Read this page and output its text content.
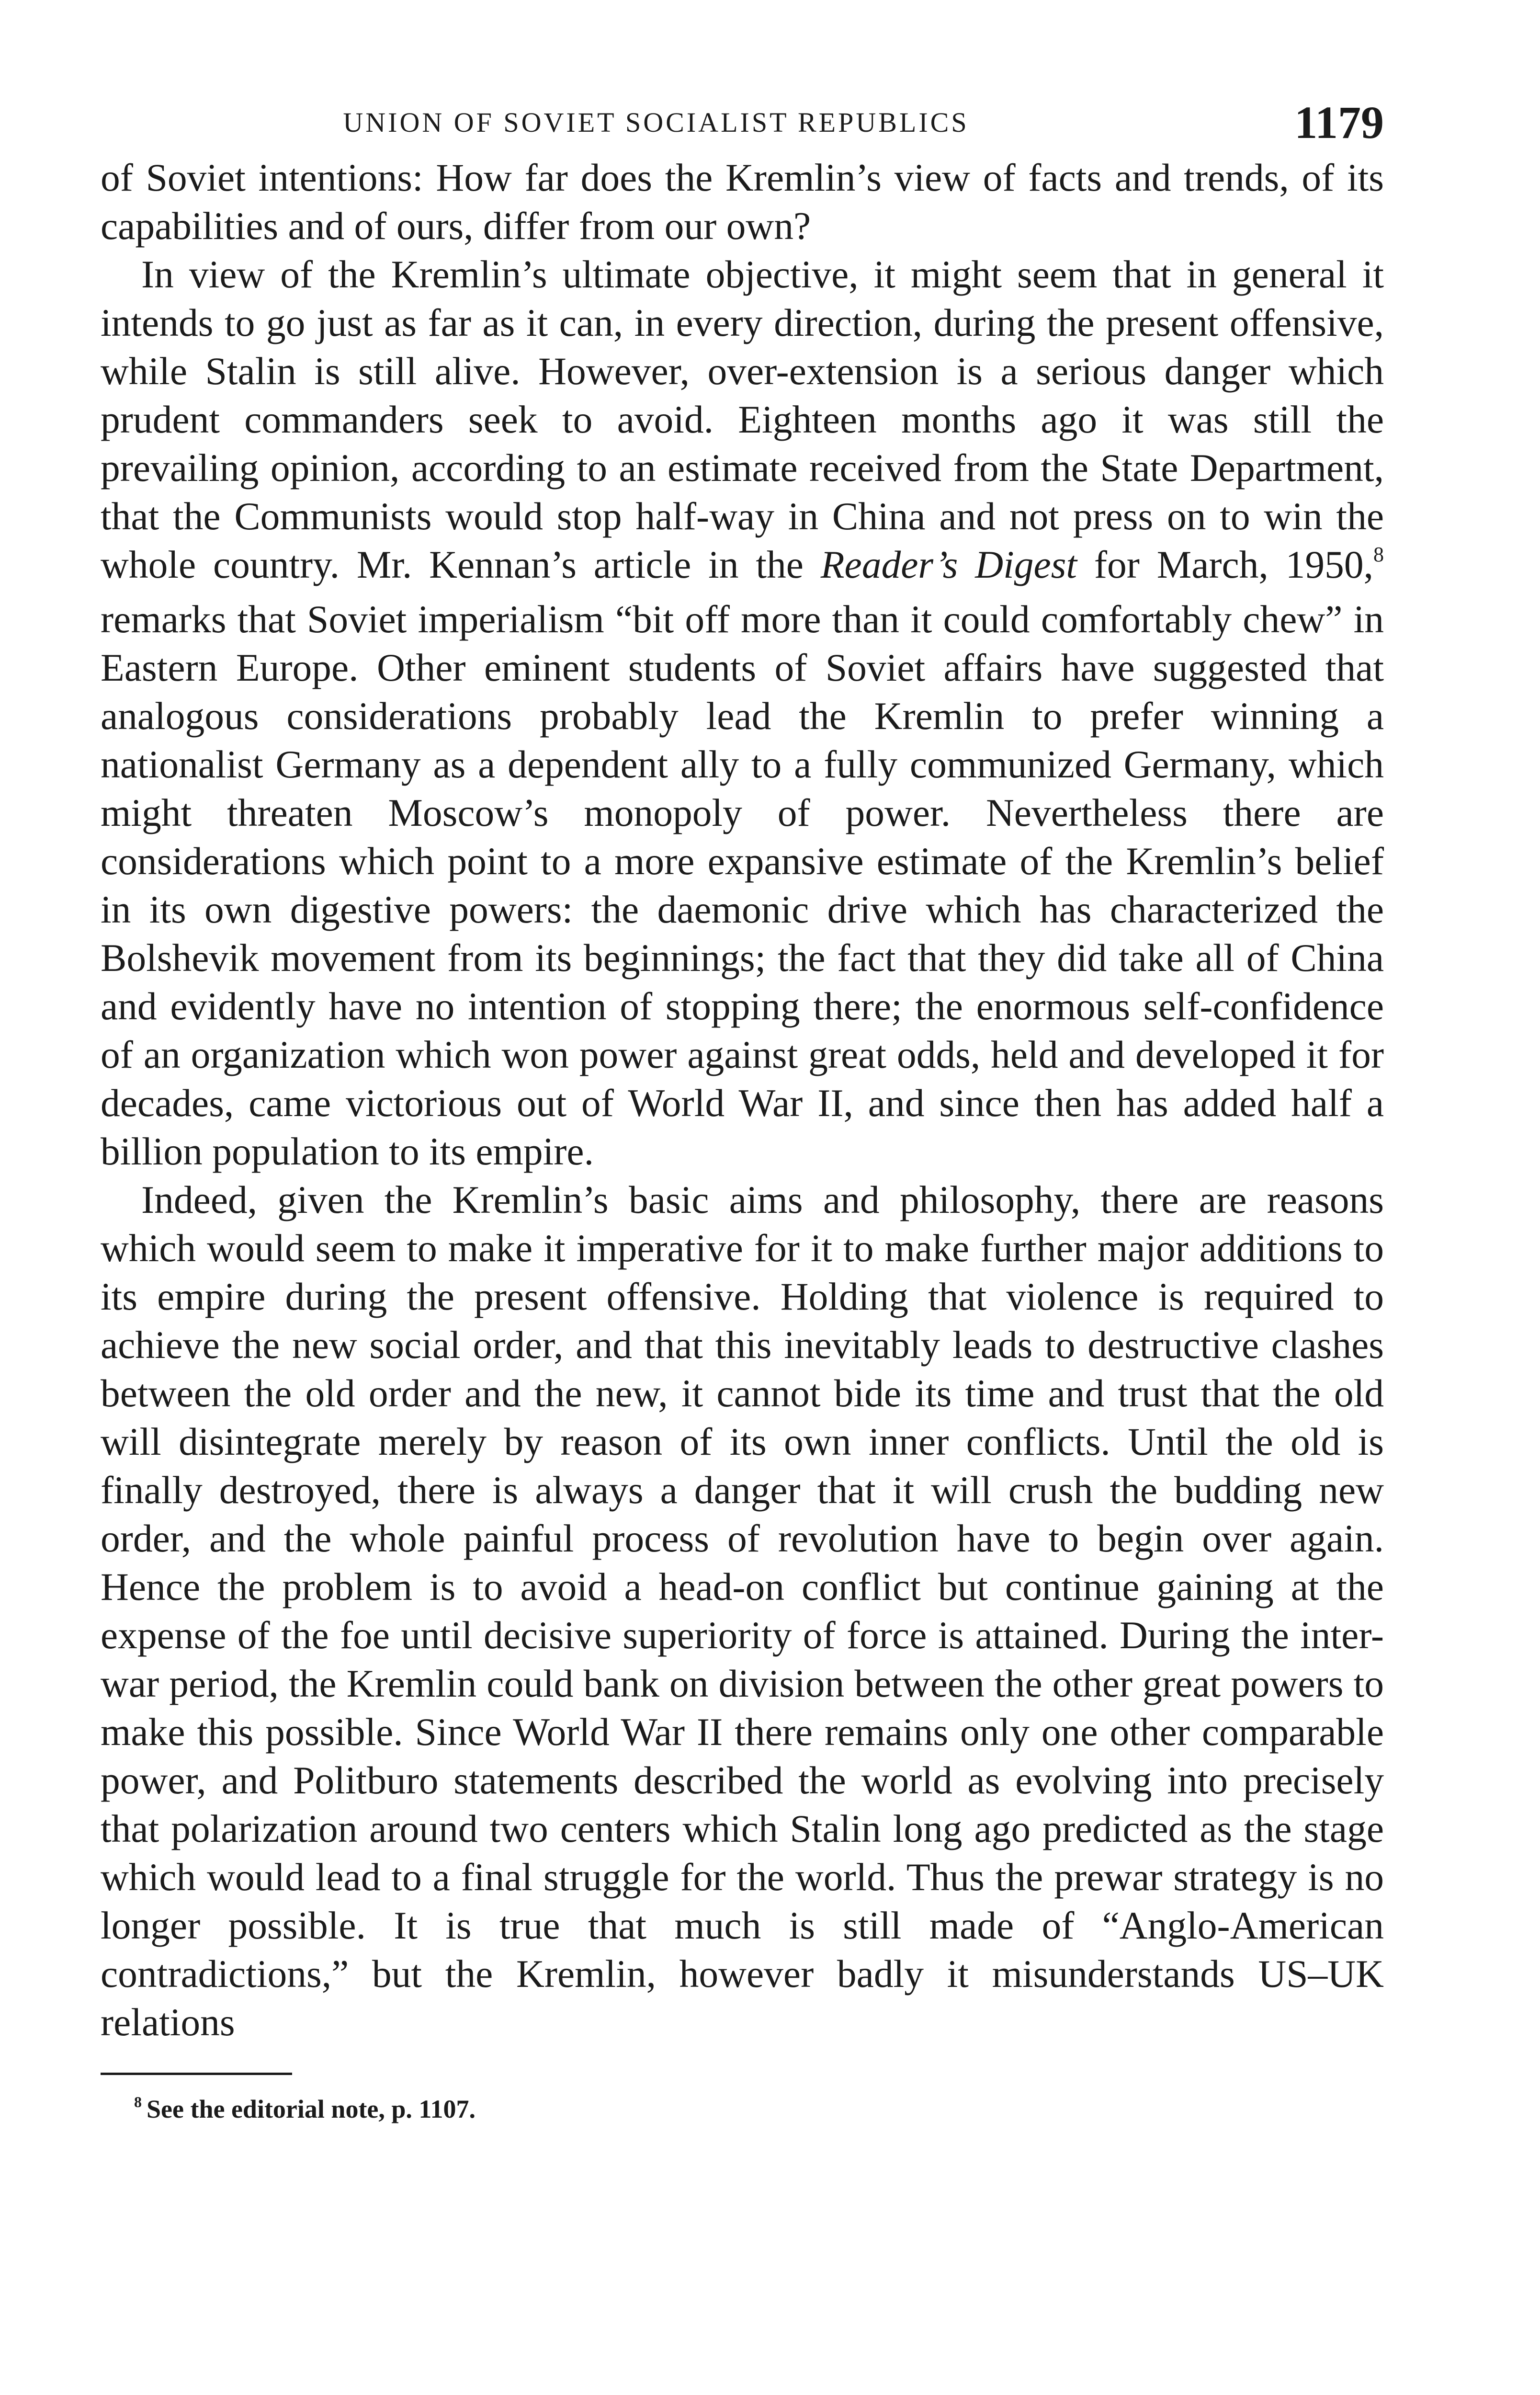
UNION OF SOVIET SOCIALIST REPUBLICS	1179

of Soviet intentions: How far does the Kremlin’s view of facts and trends, of its capabilities and of ours, differ from our own?

In view of the Kremlin’s ultimate objective, it might seem that in general it intends to go just as far as it can, in every direction, during the present offensive, while Stalin is still alive. However, over-extension is a serious danger which prudent commanders seek to avoid. Eighteen months ago it was still the prevailing opinion, according to an estimate received from the State Department, that the Communists would stop half-way in China and not press on to win the whole country. Mr. Kennan’s article in the Reader’s Digest for March, 1950,$^8$ remarks that Soviet imperialism “bit off more than it could comfortably chew” in Eastern Europe. Other eminent students of Soviet affairs have suggested that analogous considerations probably lead the Kremlin to prefer winning a nationalist Germany as a dependent ally to a fully communized Germany, which might threaten Moscow’s monopoly of power. Nevertheless there are considerations which point to a more expansive estimate of the Kremlin’s belief in its own digestive powers: the daemonic drive which has characterized the Bolshevik movement from its beginnings; the fact that they did take all of China and evidently have no intention of stopping there; the enormous self-confidence of an organization which won power against great odds, held and developed it for decades, came victorious out of World War II, and since then has added half a billion population to its empire.

Indeed, given the Kremlin’s basic aims and philosophy, there are reasons which would seem to make it imperative for it to make further major additions to its empire during the present offensive. Holding that violence is required to achieve the new social order, and that this inevitably leads to destructive clashes between the old order and the new, it cannot bide its time and trust that the old will disintegrate merely by reason of its own inner conflicts. Until the old is finally destroyed, there is always a danger that it will crush the budding new order, and the whole painful process of revolution have to begin over again. Hence the problem is to avoid a head-on conflict but continue gaining at the expense of the foe until decisive superiority of force is attained. During the inter-war period, the Kremlin could bank on division between the other great powers to make this possible. Since World War II there remains only one other comparable power, and Politburo statements described the world as evolving into precisely that polarization around two centers which Stalin long ago predicted as the stage which would lead to a final struggle for the world. Thus the prewar strategy is no longer possible. It is true that much is still made of “Anglo-American contradictions,” but the Kremlin, however badly it misunderstands US–UK relations

$^8$ See the editorial note, p. 1107.
